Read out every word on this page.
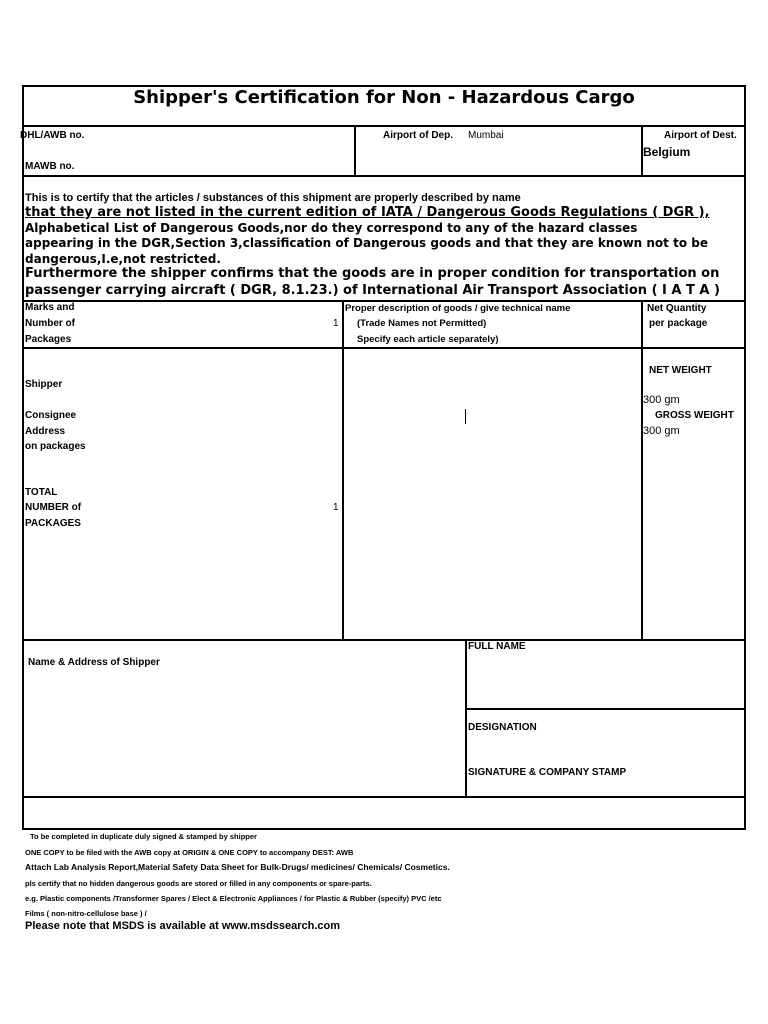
Shipper's Certification for Non - Hazardous Cargo
DHL/AWB no.
MAWB no.
Airport of Dep. Mumbai	Airport of Dest.
Belgium
This is to certify that the articles / substances of this shipment are properly described by name
that they are not listed in the current edition of IATA / Dangerous Goods Regulations ( DGR ),
Alphabetical List of Dangerous Goods,nor do they correspond to any of the hazard classes
appearing in the DGR,Section 3,classification of Dangerous goods and that they are known not to be
dangerous,I.e,not restricted.
Furthermore the shipper confirms that the goods are in proper condition for transportation on
passenger carrying aircraft ( DGR, 8.1.23.) of International Air Transport Association ( I A T A )
Marks and
Number of
Packages
1
Proper description of goods / give technical name
(Trade Names not Permitted)
Specify each article separately)
Net Quantity
per package
Shipper
Consignee
Address
on packages
TOTAL
NUMBER of
PACKAGES
1
NET WEIGHT
300 gm
GROSS WEIGHT
300 gm
Name & Address of Shipper
FULL NAME
DESIGNATION
SIGNATURE & COMPANY STAMP
To be completed in duplicate duly signed & stamped by shipper
ONE COPY to be filed with the AWB copy at ORIGIN & ONE COPY to accompany DEST: AWB
Attach Lab Analysis Report,Material Safety Data Sheet for Bulk-Drugs/ medicines/ Chemicals/ Cosmetics.
pls certify that no hidden dangerous goods are stored or filled in any components or spare-parts.
e.g. Plastic components /Transformer Spares / Elect & Electronic Appliances / for Plastic & Rubber (specify) PVC /etc
Films ( non-nitro-cellulose base ) /
Please note that MSDS is available at www.msdssearch.com
